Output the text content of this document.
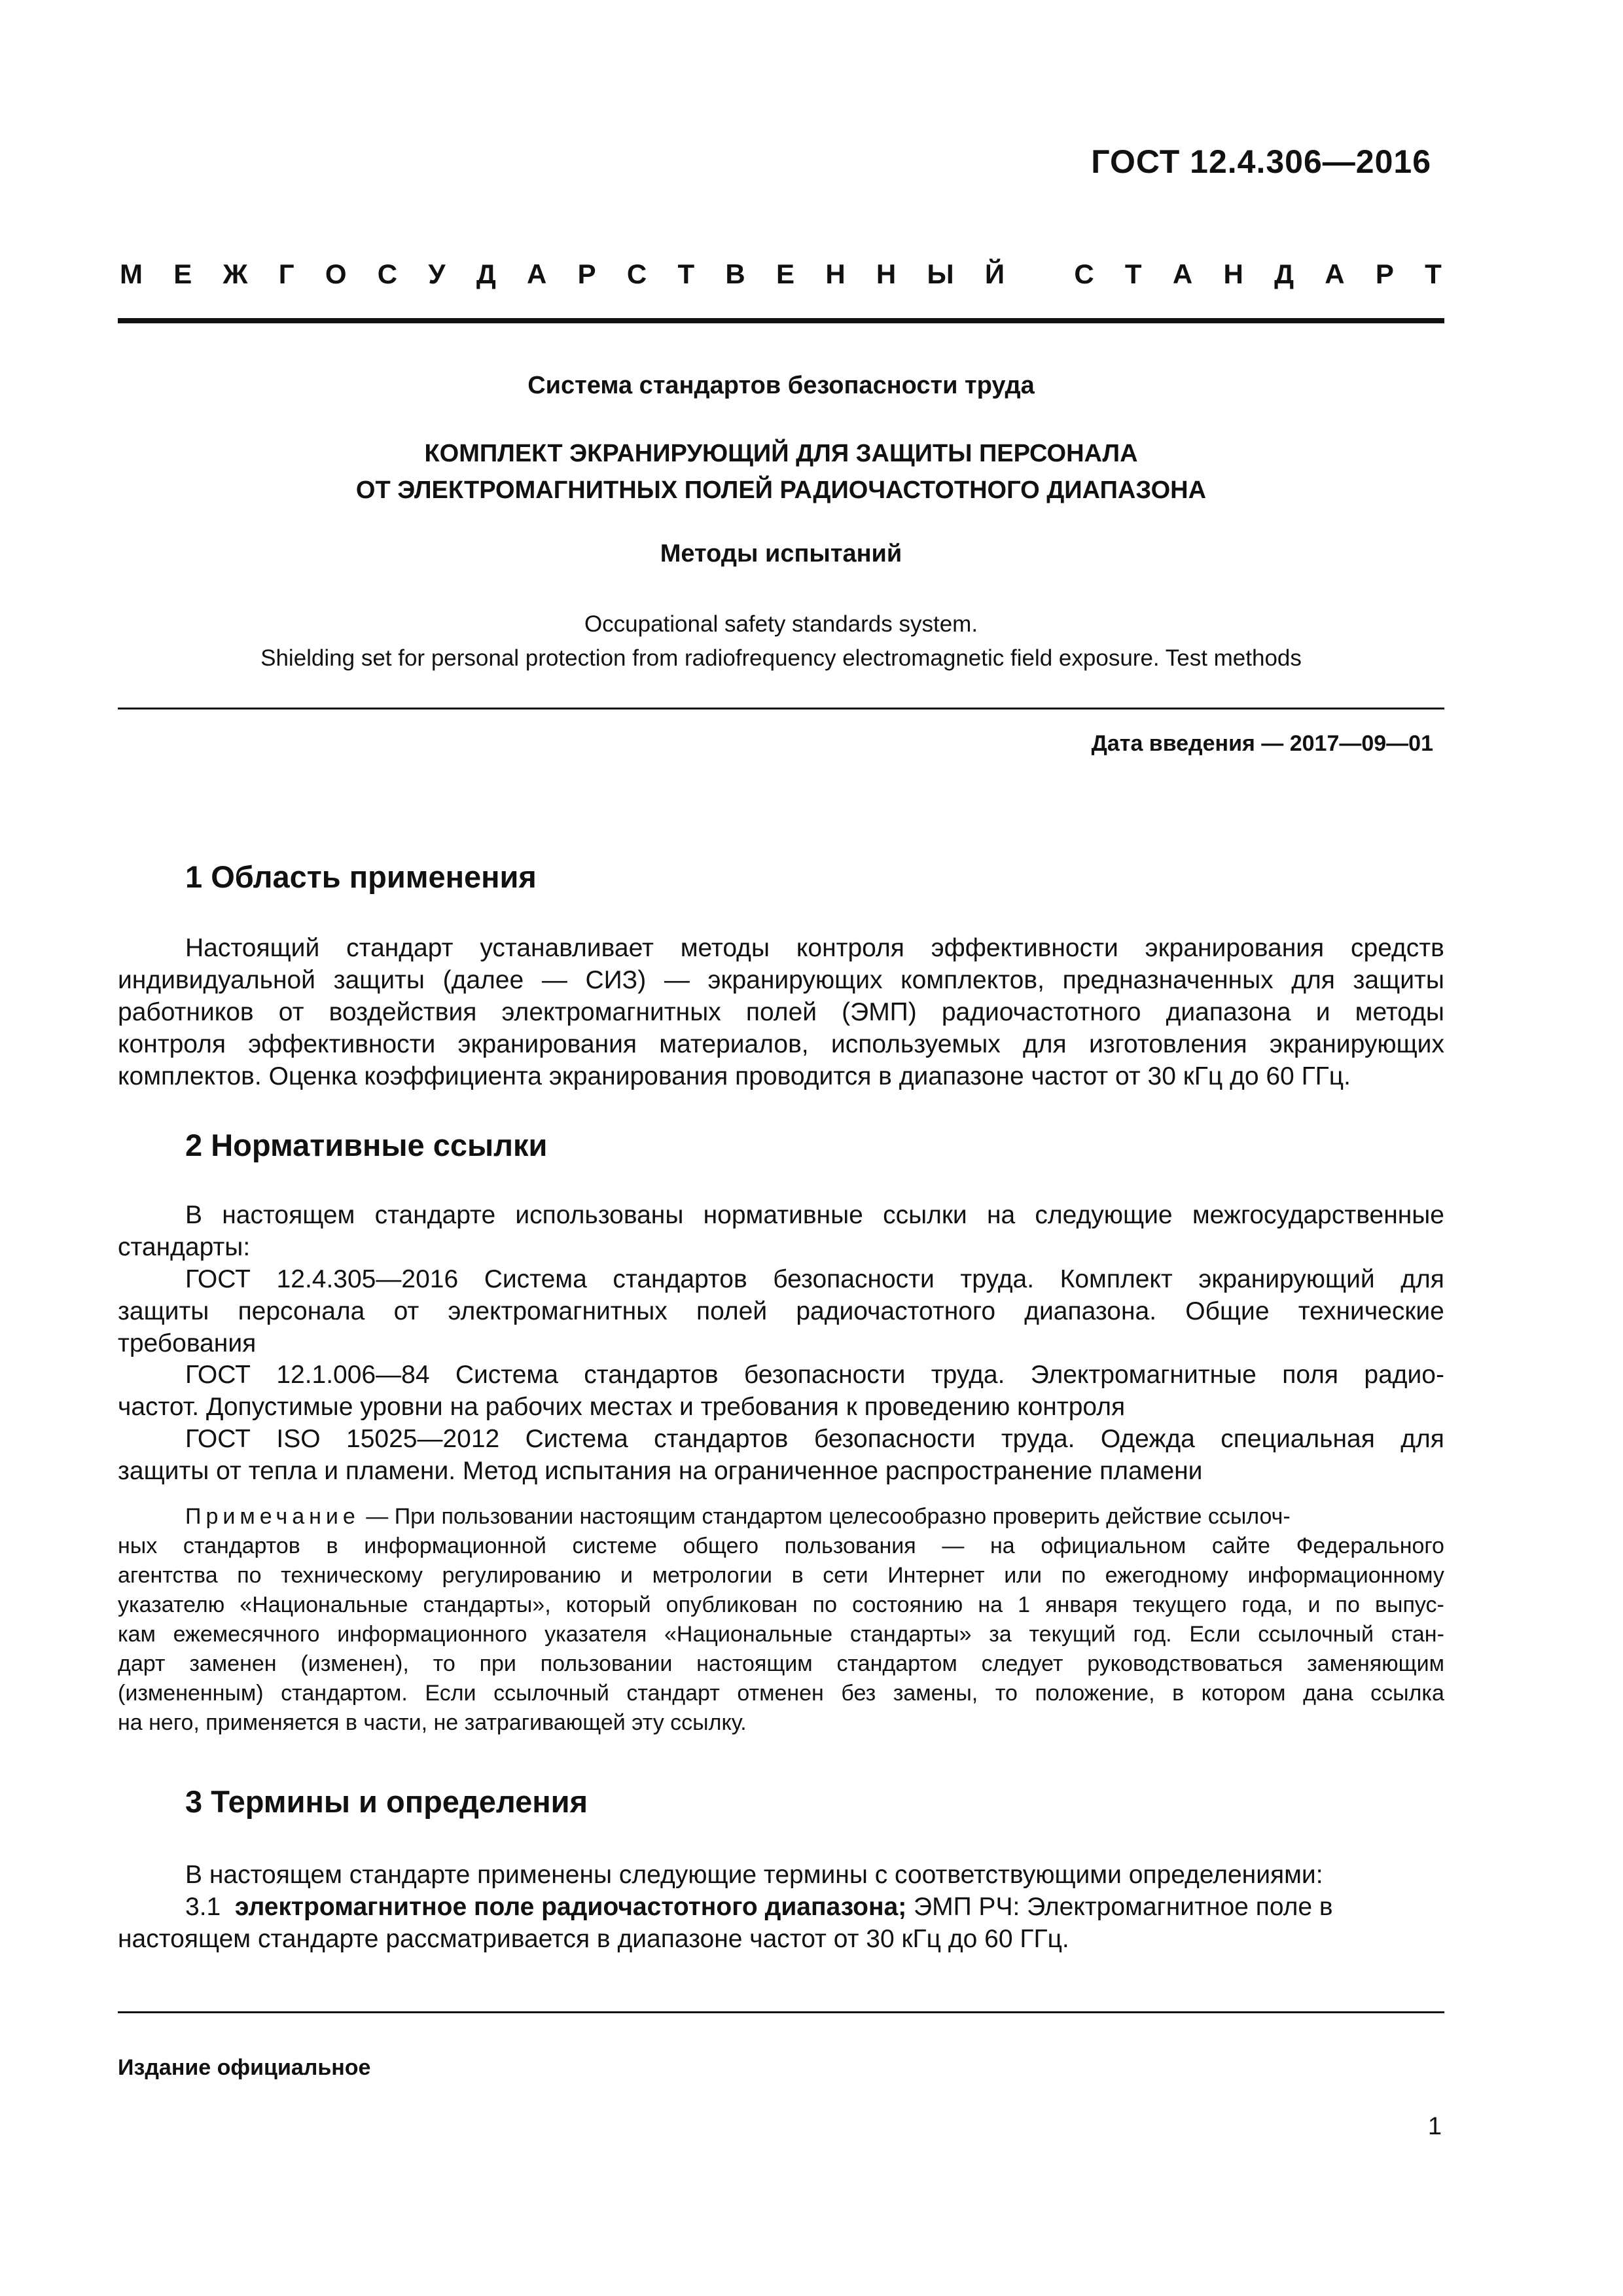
ГОСТ 12.4.306—2016
М Е Ж Г О С У Д А Р С Т В Е Н Н Ы Й
	С Т А Н Д А Р Т
Система стандартов безопасности труда
КОМПЛЕКТ ЭКРАНИРУЮЩИЙ ДЛЯ ЗАЩИТЫ ПЕРСОНАЛА
ОТ ЭЛЕКТРОМАГНИТНЫХ ПОЛЕЙ РАДИОЧАСТОТНОГО ДИАПАЗОНА
Методы испытаний
Occupational safety standards system.
Shielding set for personal protection from radiofrequency electromagnetic field exposure. Test methods
Дата введения — 2017—09—01
1 Область применения
Настоящий стандарт устанавливает методы контроля эффективности экранирования средств
индивидуальной защиты (далее — СИЗ) — экранирующих комплектов, предназначенных для защиты
работников от воздействия электромагнитных полей (ЭМП) радиочастотного диапазона и методы
контроля эффективности экранирования материалов, используемых для изготовления экранирующих
комплектов. Оценка коэффициента экранирования проводится в диапазоне частот от 30 кГц до 60 ГГц.
2 Нормативные ссылки
В настоящем стандарте использованы нормативные ссылки на следующие межгосударственные
стандарты:
ГОСТ 12.4.305—2016 Система стандартов безопасности труда. Комплект экранирующий для
защиты персонала от электромагнитных полей радиочастотного диапазона. Общие технические
требования
ГОСТ 12.1.006—84 Система стандартов безопасности труда. Электромагнитные поля радио-
частот. Допустимые уровни на рабочих местах и требования к проведению контроля
ГОСТ ISO 15025—2012 Система стандартов безопасности труда. Одежда специальная для
защиты от тепла и пламени. Метод испытания на ограниченное распространение пламени
Примечание — При пользовании настоящим стандартом целесообразно проверить действие ссылоч-
ных стандартов в информационной системе общего пользования — на официальном сайте Федерального
агентства по техническому регулированию и метрологии в сети Интернет или по ежегодному информационному
указателю «Национальные стандарты», который опубликован по состоянию на 1 января текущего года, и по выпус-
кам ежемесячного информационного указателя «Национальные стандарты» за текущий год. Если ссылочный стан-
дарт заменен (изменен), то при пользовании настоящим стандартом следует руководствоваться заменяющим
(измененным) стандартом. Если ссылочный стандарт отменен без замены, то положение, в котором дана ссылка
на него, применяется в части, не затрагивающей эту ссылку.
3 Термины и определения
В настоящем стандарте применены следующие термины с соответствующими определениями:
3.1 электромагнитное поле радиочастотного диапазона; ЭМП РЧ: Электромагнитное поле в
настоящем стандарте рассматривается в диапазоне частот от 30 кГц до 60 ГГц.
Издание официальное
1
